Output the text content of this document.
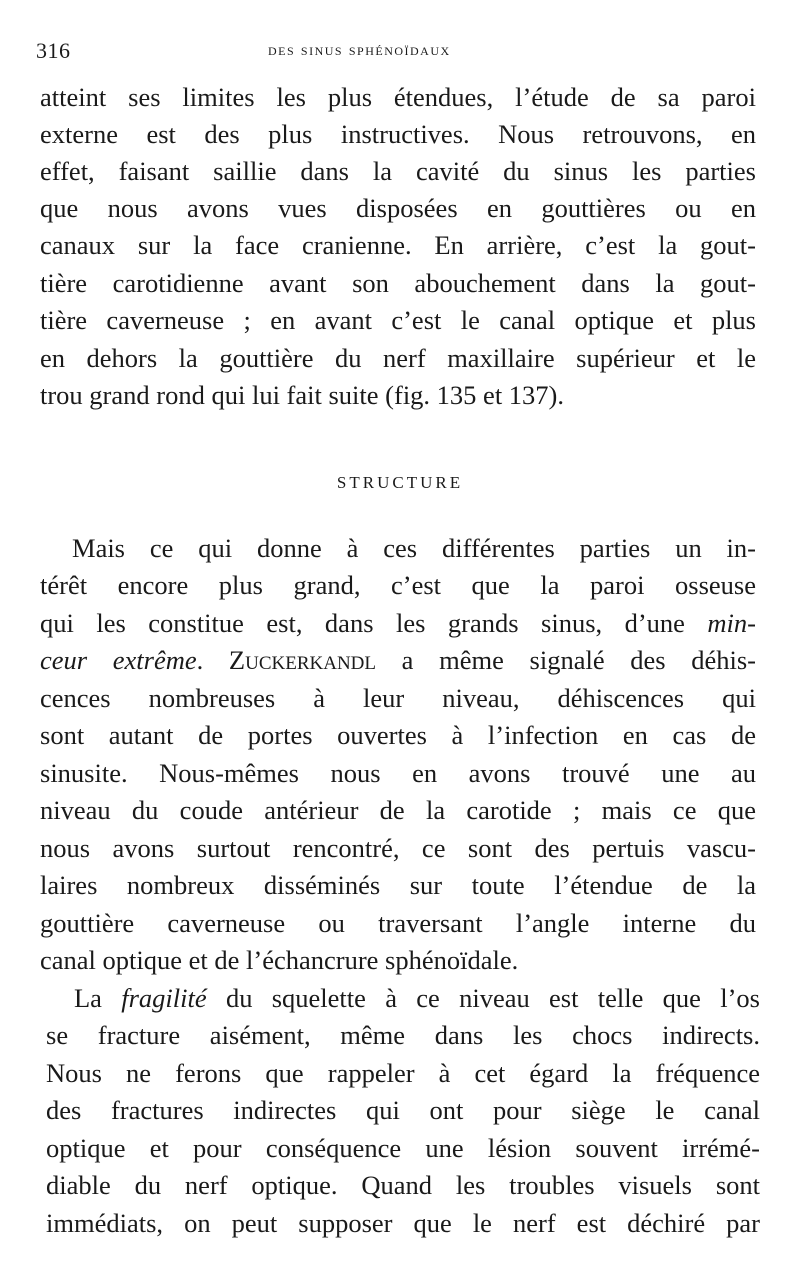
316	des sinus sphénoïdaux
atteint ses limites les plus étendues, l’étude de sa paroi
externe est des plus instructives. Nous retrouvons, en
effet, faisant saillie dans la cavité du sinus les parties
que nous avons vues disposées en gouttières ou en
canaux sur la face cranienne. En arrière, c’est la gout-
tière carotidienne avant son abouchement dans la gout-
tière caverneuse ; en avant c’est le canal optique et plus
en dehors la gouttière du nerf maxillaire supérieur et le
trou grand rond qui lui fait suite (fig. 135 et 137).
STRUCTURE
Mais ce qui donne à ces différentes parties un in-
térêt encore plus grand, c’est que la paroi osseuse
qui les constitue est, dans les grands sinus, d’une min-
ceur extrême. Zuckerkandl a même signalé des déhis-
cences nombreuses à leur niveau, déhiscences qui
sont autant de portes ouvertes à l’infection en cas de
sinusite. Nous-mêmes nous en avons trouvé une au
niveau du coude antérieur de la carotide ; mais ce que
nous avons surtout rencontré, ce sont des pertuis vascu-
laires nombreux disséminés sur toute l’étendue de la
gouttière caverneuse ou traversant l’angle interne du
canal optique et de l’échancrure sphénoïdale.
La fragilité du squelette à ce niveau est telle que l’os
se fracture aisément, même dans les chocs indirects.
Nous ne ferons que rappeler à cet égard la fréquence
des fractures indirectes qui ont pour siège le canal
optique et pour conséquence une lésion souvent irrémé-
diable du nerf optique. Quand les troubles visuels sont
immédiats, on peut supposer que le nerf est déchiré par
